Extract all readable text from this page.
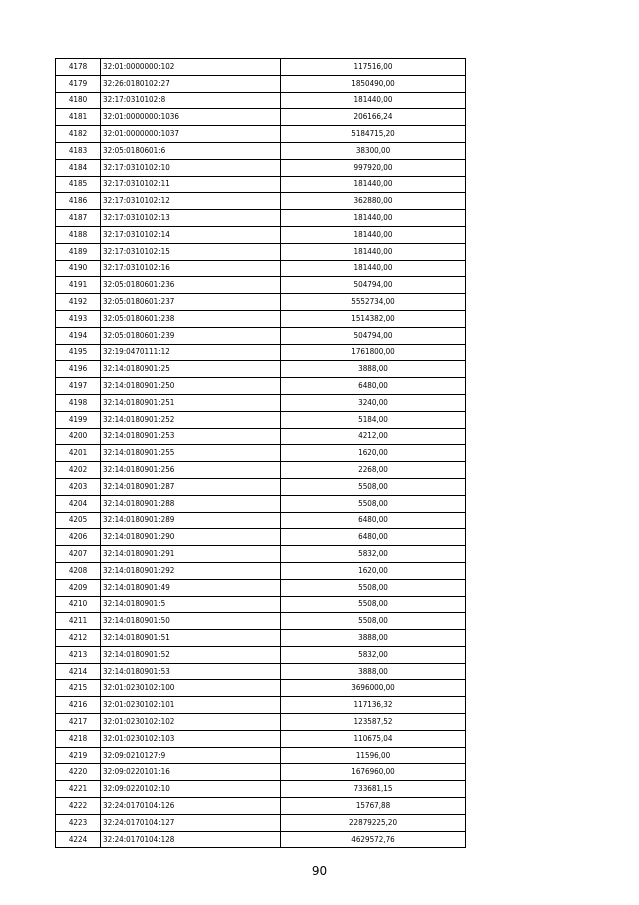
4178	32:01:0000000:102	117516,00
4179	32:26:0180102:27	1850490,00
4180	32:17:0310102:8	181440,00
4181	32:01:0000000:1036	206166,24
4182	32:01:0000000:1037	5184715,20
4183	32:05:0180601:6	38300,00
4184	32:17:0310102:10	997920,00
4185	32:17:0310102:11	181440,00
4186	32:17:0310102:12	362880,00
4187	32:17:0310102:13	181440,00
4188	32:17:0310102:14	181440,00
4189	32:17:0310102:15	181440,00
4190	32:17:0310102:16	181440,00
4191	32:05:0180601:236	504794,00
4192	32:05:0180601:237	5552734,00
4193	32:05:0180601:238	1514382,00
4194	32:05:0180601:239	504794,00
4195	32:19:0470111:12	1761800,00
4196	32:14:0180901:25	3888,00
4197	32:14:0180901:250	6480,00
4198	32:14:0180901:251	3240,00
4199	32:14:0180901:252	5184,00
4200	32:14:0180901:253	4212,00
4201	32:14:0180901:255	1620,00
4202	32:14:0180901:256	2268,00
4203	32:14:0180901:287	5508,00
4204	32:14:0180901:288	5508,00
4205	32:14:0180901:289	6480,00
4206	32:14:0180901:290	6480,00
4207	32:14:0180901:291	5832,00
4208	32:14:0180901:292	1620,00
4209	32:14:0180901:49	5508,00
4210	32:14:0180901:5	5508,00
4211	32:14:0180901:50	5508,00
4212	32:14:0180901:51	3888,00
4213	32:14:0180901:52	5832,00
4214	32:14:0180901:53	3888,00
4215	32:01:0230102:100	3696000,00
4216	32:01:0230102:101	117136,32
4217	32:01:0230102:102	123587,52
4218	32:01:0230102:103	110675,04
4219	32:09:0210127:9	11596,00
4220	32:09:0220101:16	1676960,00
4221	32:09:0220102:10	733681,15
4222	32:24:0170104:126	15767,88
4223	32:24:0170104:127	22879225,20
4224	32:24:0170104:128	4629572,76
90
